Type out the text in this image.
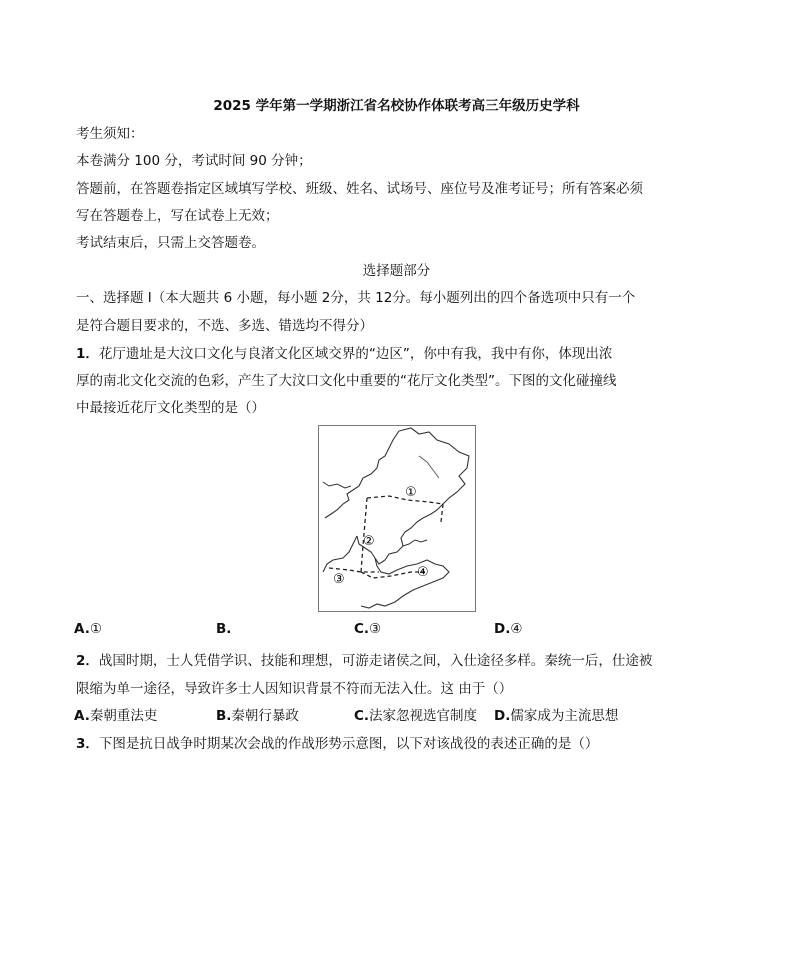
2025 学年第一学期浙江省名校协作体联考高三年级历史学科
考生须知：
本卷满分 100 分，考试时间 90 分钟；
答题前，在答题卷指定区域填写学校、班级、姓名、试场号、座位号及准考证号；所有答案必须
写在答题卷上，写在试卷上无效；
考试结束后，只需上交答题卷。
选择题部分
一、选择题 I（本大题共 6 小题，每小题 2分，共 12分。每小题列出的四个备选项中只有一个
是符合题目要求的，不选、多选、错选均不得分）
1．花厅遗址是大汶口文化与良渚文化区域交界的“边区”，你中有我，我中有你，体现出浓
厚的南北文化交流的色彩，产生了大汶口文化中重要的“花厅文化类型”。下图的文化碰撞线
中最接近花厅文化类型的是（）
①
②
③	④
A.①	B.	C.③	D.④
2．战国时期，士人凭借学识、技能和理想，可游走诸侯之间，入仕途径多样。秦统一后，仕途被
限缩为单一途径，导致许多士人因知识背景不符而无法入仕。这 由于（）
A.秦朝重法吏	B.秦朝行暴政	C.法家忽视选官制度 D.儒家成为主流思想
3．下图是抗日战争时期某次会战的作战形势示意图，以下对该战役的表述正确的是（）
